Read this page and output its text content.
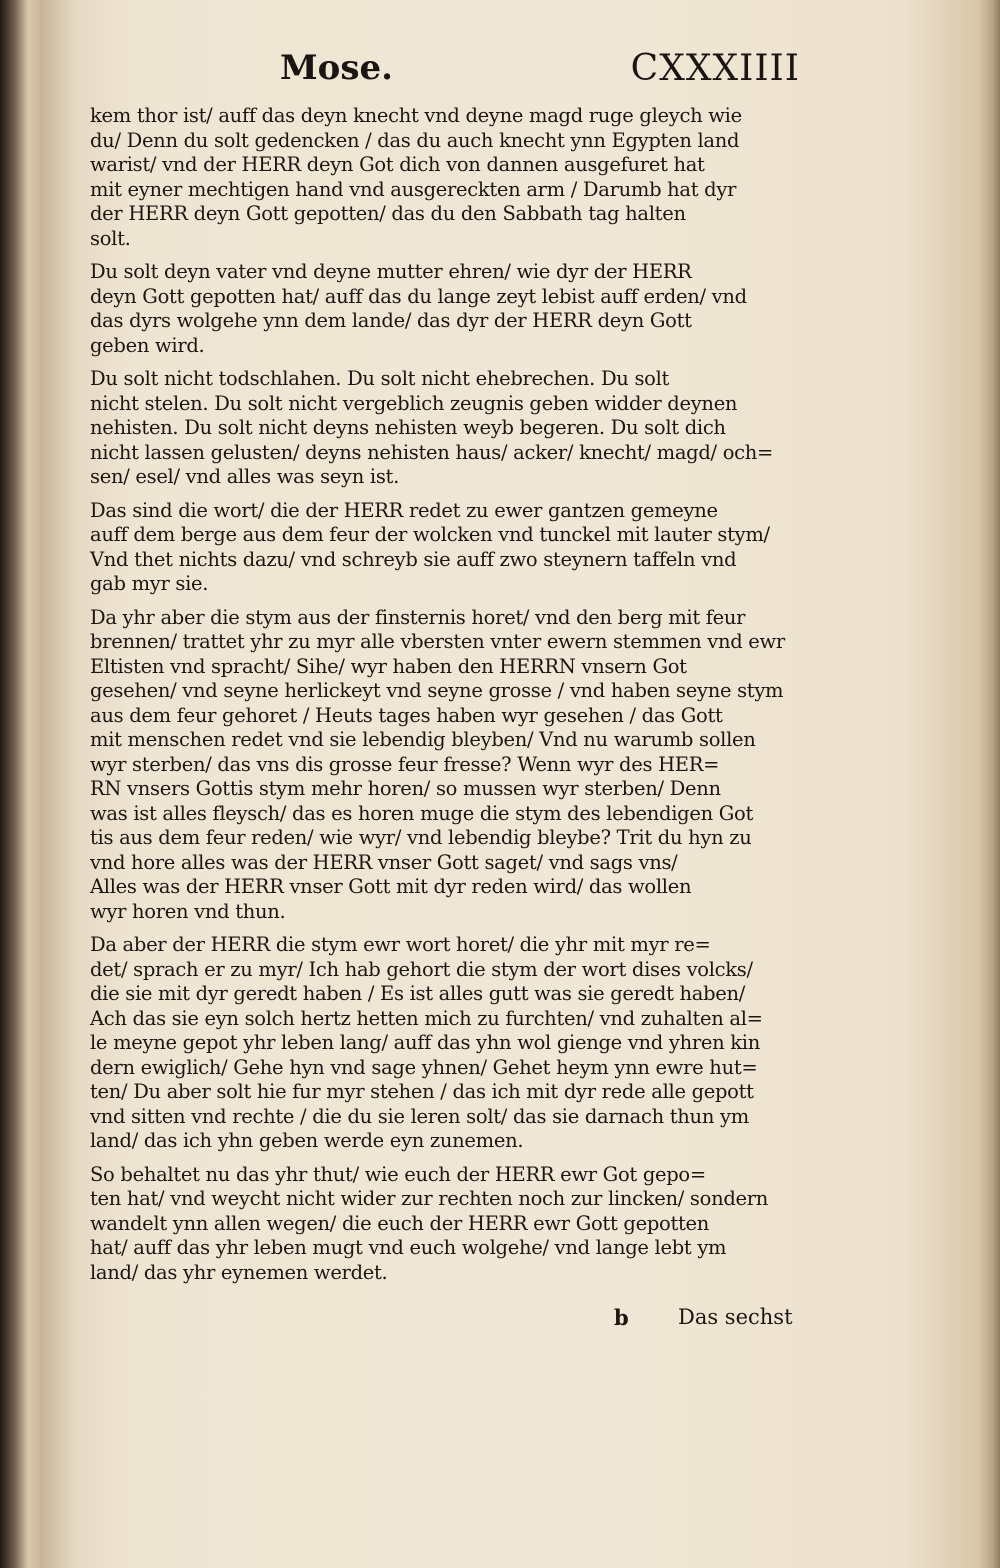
Mose.	CXXXIIII
kem thor ist/ auff das deyn knecht vnd deyne magd ruge gleych wie
du/ Denn du solt gedencken / das du auch knecht ynn Egypten land
warist/ vnd der HERR deyn Got dich von dannen ausgefuret hat
mit eyner mechtigen hand vnd ausgereckten arm / Darumb hat dyr
der HERR deyn Gott gepotten/ das du den Sabbath tag halten
solt.
Du solt deyn vater vnd deyne mutter ehren/ wie dyr der HERR
deyn Gott gepotten hat/ auff das du lange zeyt lebist auff erden/ vnd
das dyrs wolgehe ynn dem lande/ das dyr der HERR deyn Gott
geben wird.
Du solt nicht todschlahen. Du solt nicht ehebrechen. Du solt
nicht stelen. Du solt nicht vergeblich zeugnis geben widder deynen
nehisten. Du solt nicht deyns nehisten weyb begeren. Du solt dich
nicht lassen gelusten/ deyns nehisten haus/ acker/ knecht/ magd/ och=
sen/ esel/ vnd alles was seyn ist.
Das sind die wort/ die der HERR redet zu ewer gantzen gemeyne
auff dem berge aus dem feur der wolcken vnd tunckel mit lauter stym/
Vnd thet nichts dazu/ vnd schreyb sie auff zwo steynern taffeln vnd
gab myr sie.
Da yhr aber die stym aus der finsternis horet/ vnd den berg mit feur
brennen/ trattet yhr zu myr alle vbersten vnter ewern stemmen vnd ewr
Eltisten vnd spracht/ Sihe/ wyr haben den HERRN vnsern Got
gesehen/ vnd seyne herlickeyt vnd seyne grosse / vnd haben seyne stym
aus dem feur gehoret / Heuts tages haben wyr gesehen / das Gott
mit menschen redet vnd sie lebendig bleyben/ Vnd nu warumb sollen
wyr sterben/ das vns dis grosse feur fresse? Wenn wyr des HER=
RN vnsers Gottis stym mehr horen/ so mussen wyr sterben/ Denn
was ist alles fleysch/ das es horen muge die stym des lebendigen Got
tis aus dem feur reden/ wie wyr/ vnd lebendig bleybe? Trit du hyn zu
vnd hore alles was der HERR vnser Gott saget/ vnd sags vns/
Alles was der HERR vnser Gott mit dyr reden wird/ das wollen
wyr horen vnd thun.
Da aber der HERR die stym ewr wort horet/ die yhr mit myr re=
det/ sprach er zu myr/ Ich hab gehort die stym der wort dises volcks/
die sie mit dyr geredt haben / Es ist alles gutt was sie geredt haben/
Ach das sie eyn solch hertz hetten mich zu furchten/ vnd zuhalten al=
le meyne gepot yhr leben lang/ auff das yhn wol gienge vnd yhren kin
dern ewiglich/ Gehe hyn vnd sage yhnen/ Gehet heym ynn ewre hut=
ten/ Du aber solt hie fur myr stehen / das ich mit dyr rede alle gepott
vnd sitten vnd rechte / die du sie leren solt/ das sie darnach thun ym
land/ das ich yhn geben werde eyn zunemen.
So behaltet nu das yhr thut/ wie euch der HERR ewr Got gepo=
ten hat/ vnd weycht nicht wider zur rechten noch zur lincken/ sondern
wandelt ynn allen wegen/ die euch der HERR ewr Gott gepotten
hat/ auff das yhr leben mugt vnd euch wolgehe/ vnd lange lebt ym
land/ das yhr eynemen werdet.
b Das sechst
